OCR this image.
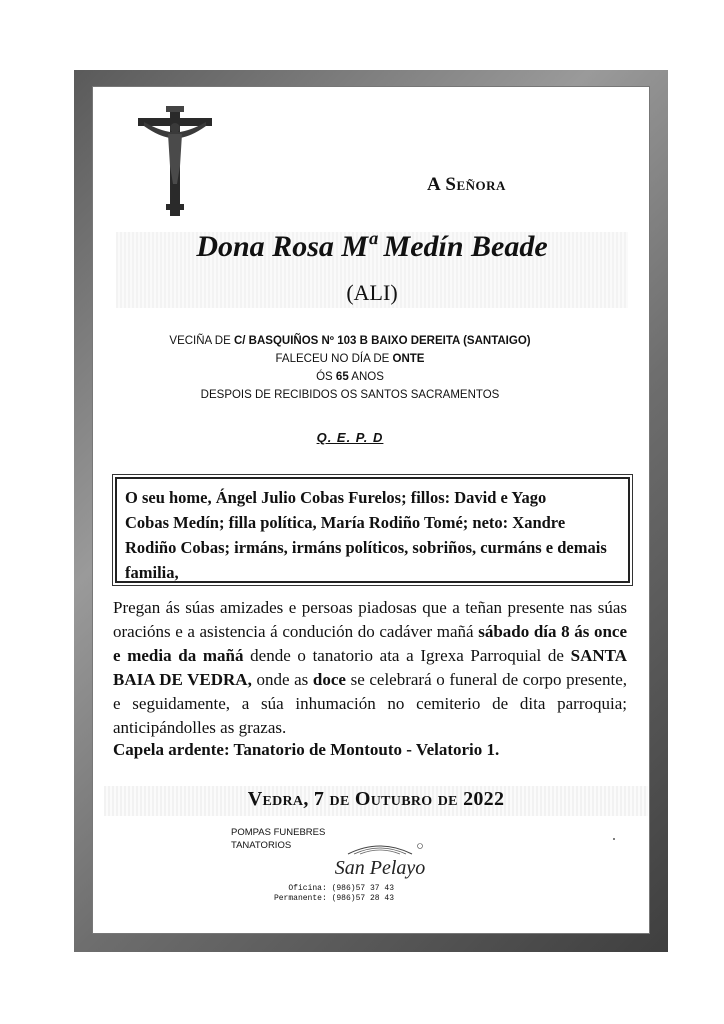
A Señora
Dona Rosa Mª Medín Beade
(ALI)
VECIÑA DE C/ BASQUIÑOS Nº 103 B BAIXO DEREITA (SANTAIGO)
FALECEU NO DÍA DE ONTE
ÓS 65 ANOS
DESPOIS DE RECIBIDOS OS SANTOS SACRAMENTOS
Q. E. P. D
O seu home, Ángel Julio Cobas Furelos; fillos: David e Yago
Cobas Medín; filla política, María Rodiño Tomé; neto: Xandre
Rodiño Cobas; irmáns, irmáns políticos, sobriños, curmáns e demais
familia,
Pregan ás súas amizades e persoas piadosas que a teñan presente nas súas oracións e a asistencia á condución do cadáver mañá sábado día 8 ás once e media da mañá dende o tanatorio ata a Igrexa Parroquial de SANTA BAIA DE VEDRA, onde as doce se celebrará o funeral de corpo presente, e seguidamente, a súa inhumación no cemiterio de dita parroquia; anticipándolles as grazas.
Capela ardente: Tanatorio de Montouto - Velatorio 1.
Vedra, 7 de Outubro de 2022
POMPAS FUNEBRES
TANATORIOS
San Pelayo
Oficina: (986)57 37 43
Permanente: (986)57 28 43
